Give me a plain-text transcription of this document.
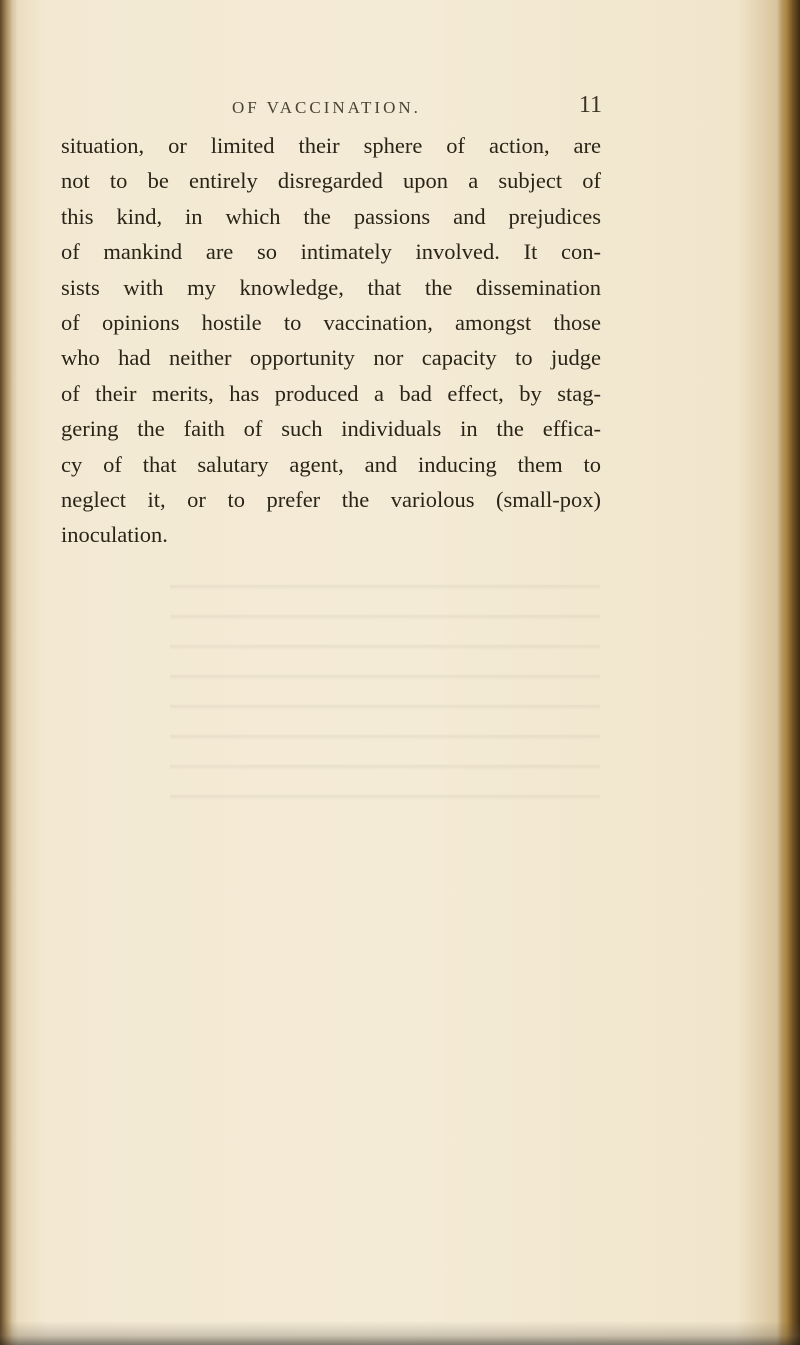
OF VACCINATION.	11
situation, or limited their sphere of action, are
not to be entirely disregarded upon a subject of
this kind, in which the passions and prejudices
of mankind are so intimately involved. It con-
sists with my knowledge, that the dissemination
of opinions hostile to vaccination, amongst those
who had neither opportunity nor capacity to judge
of their merits, has produced a bad effect, by stag-
gering the faith of such individuals in the effica-
cy of that salutary agent, and inducing them to
neglect it, or to prefer the variolous (small-pox)
inoculation.
